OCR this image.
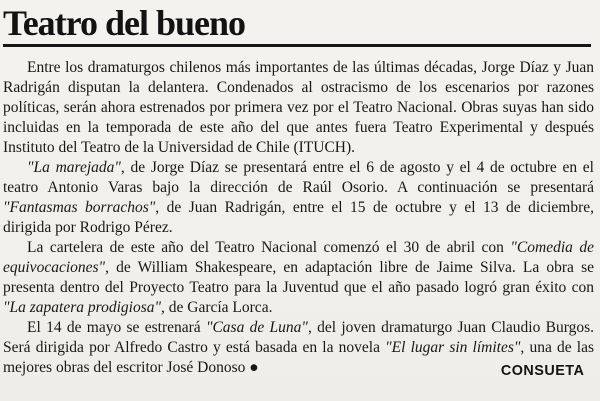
Teatro del bueno

Entre los dramaturgos chilenos más importantes de las últimas décadas, Jorge Díaz y Juan Radrigán disputan la delantera. Condenados al ostracismo de los escenarios por razones políticas, serán ahora estrenados por primera vez por el Teatro Nacional. Obras suyas han sido incluidas en la temporada de este año del que antes fuera Teatro Experimental y después Instituto del Teatro de la Universidad de Chile (ITUCH).

"La marejada", de Jorge Díaz se presentará entre el 6 de agosto y el 4 de octubre en el teatro Antonio Varas bajo la dirección de Raúl Osorio. A continuación se presentará "Fantasmas borrachos", de Juan Radrigán, entre el 15 de octubre y el 13 de diciembre, dirigida por Rodrigo Pérez.

La cartelera de este año del Teatro Nacional comenzó el 30 de abril con "Comedia de equivocaciones", de William Shakespeare, en adaptación libre de Jaime Silva. La obra se presenta dentro del Proyecto Teatro para la Juventud que el año pasado logró gran éxito con "La zapatera prodigiosa", de García Lorca.

El 14 de mayo se estrenará "Casa de Luna", del joven dramaturgo Juan Claudio Burgos. Será dirigida por Alfredo Castro y está basada en la novela "El lugar sin límites", una de las mejores obras del escritor José Donoso ●	CONSUETA
